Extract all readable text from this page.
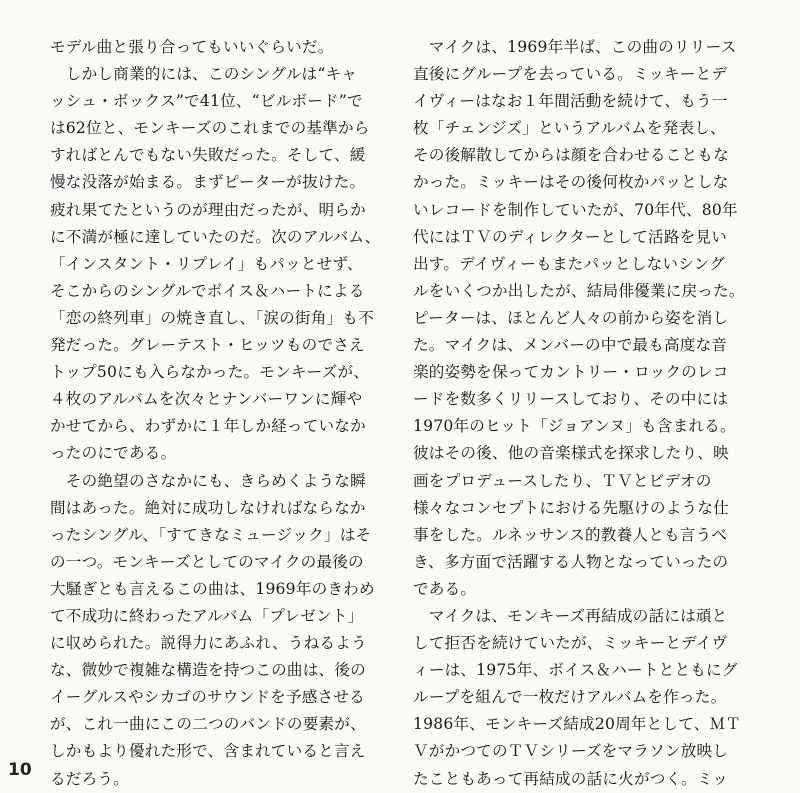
モデル曲と張り合ってもいいぐらいだ。
　しかし商業的には、このシングルは“キャ
ッシュ・ボックス”で41位、“ビルボード”で
は62位と、モンキーズのこれまでの基準から
すればとんでもない失敗だった。そして、緩
慢な没落が始まる。まずピーターが抜けた。
疲れ果てたというのが理由だったが、明らか
に不満が極に達していたのだ。次のアルバム、
「インスタント・リプレイ」もパッとせず、
そこからのシングルでボイス＆ハートによる
「恋の終列車」の焼き直し、「涙の街角」も不
発だった。グレーテスト・ヒッツものでさえ
トップ50にも入らなかった。モンキーズが、
４枚のアルバムを次々とナンバーワンに輝や
かせてから、わずかに１年しか経っていなか
ったのにである。
　その絶望のさなかにも、きらめくような瞬
間はあった。絶対に成功しなければならなか
ったシングル、「すてきなミュージック」はそ
の一つ。モンキーズとしてのマイクの最後の
大騒ぎとも言えるこの曲は、1969年のきわめ
て不成功に終わったアルバム「プレゼント」
に収められた。説得力にあふれ、うねるよう
な、微妙で複雑な構造を持つこの曲は、後の
イーグルスやシカゴのサウンドを予感させる
が、これ一曲にこの二つのバンドの要素が、
しかもより優れた形で、含まれていると言え
るだろう。
　マイクは、1969年半ば、この曲のリリース
直後にグループを去っている。ミッキーとデ
イヴィーはなお１年間活動を続けて、もう一
枚「チェンジズ」というアルバムを発表し、
その後解散してからは顔を合わせることもな
かった。ミッキーはその後何枚かパッとしな
いレコードを制作していたが、70年代、80年
代にはＴＶのディレクターとして活路を見い
出す。デイヴィーもまたパッとしないシング
ルをいくつか出したが、結局俳優業に戻った。
ピーターは、ほとんど人々の前から姿を消し
た。マイクは、メンバーの中で最も高度な音
楽的姿勢を保ってカントリー・ロックのレコ
ードを数多くリリースしており、その中には
1970年のヒット「ジョアンヌ」も含まれる。
彼はその後、他の音楽様式を探求したり、映
画をプロデュースしたり、ＴＶとビデオの
様々なコンセプトにおける先駆けのような仕
事をした。ルネッサンス的教養人とも言うべ
き、多方面で活躍する人物となっていったの
である。
　マイクは、モンキーズ再結成の話には頑と
して拒否を続けていたが、ミッキーとデイヴ
ィーは、1975年、ボイス＆ハートとともにグ
ループを組んで一枚だけアルバムを作った。
1986年、モンキーズ結成20周年として、ＭＴ
ＶがかつてのＴＶシリーズをマラソン放映し
たこともあって再結成の話に火がつく。ミッ
10
